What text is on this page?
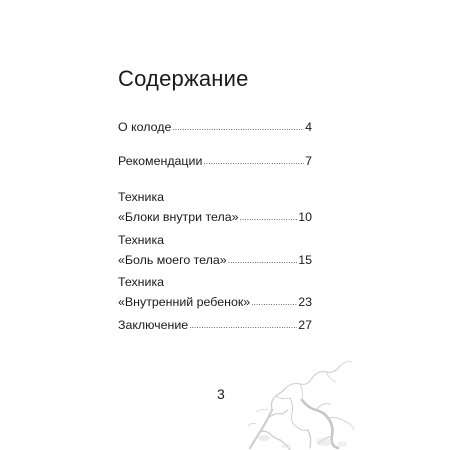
Содержание
О колоде .....	4
Рекомендации .....	7
Техника
«Блоки внутри тела» .....	10
Техника
«Боль моего тела» .....	15
Техника
«Внутренний ребенок» .....	23
Заключение .....	27
3
